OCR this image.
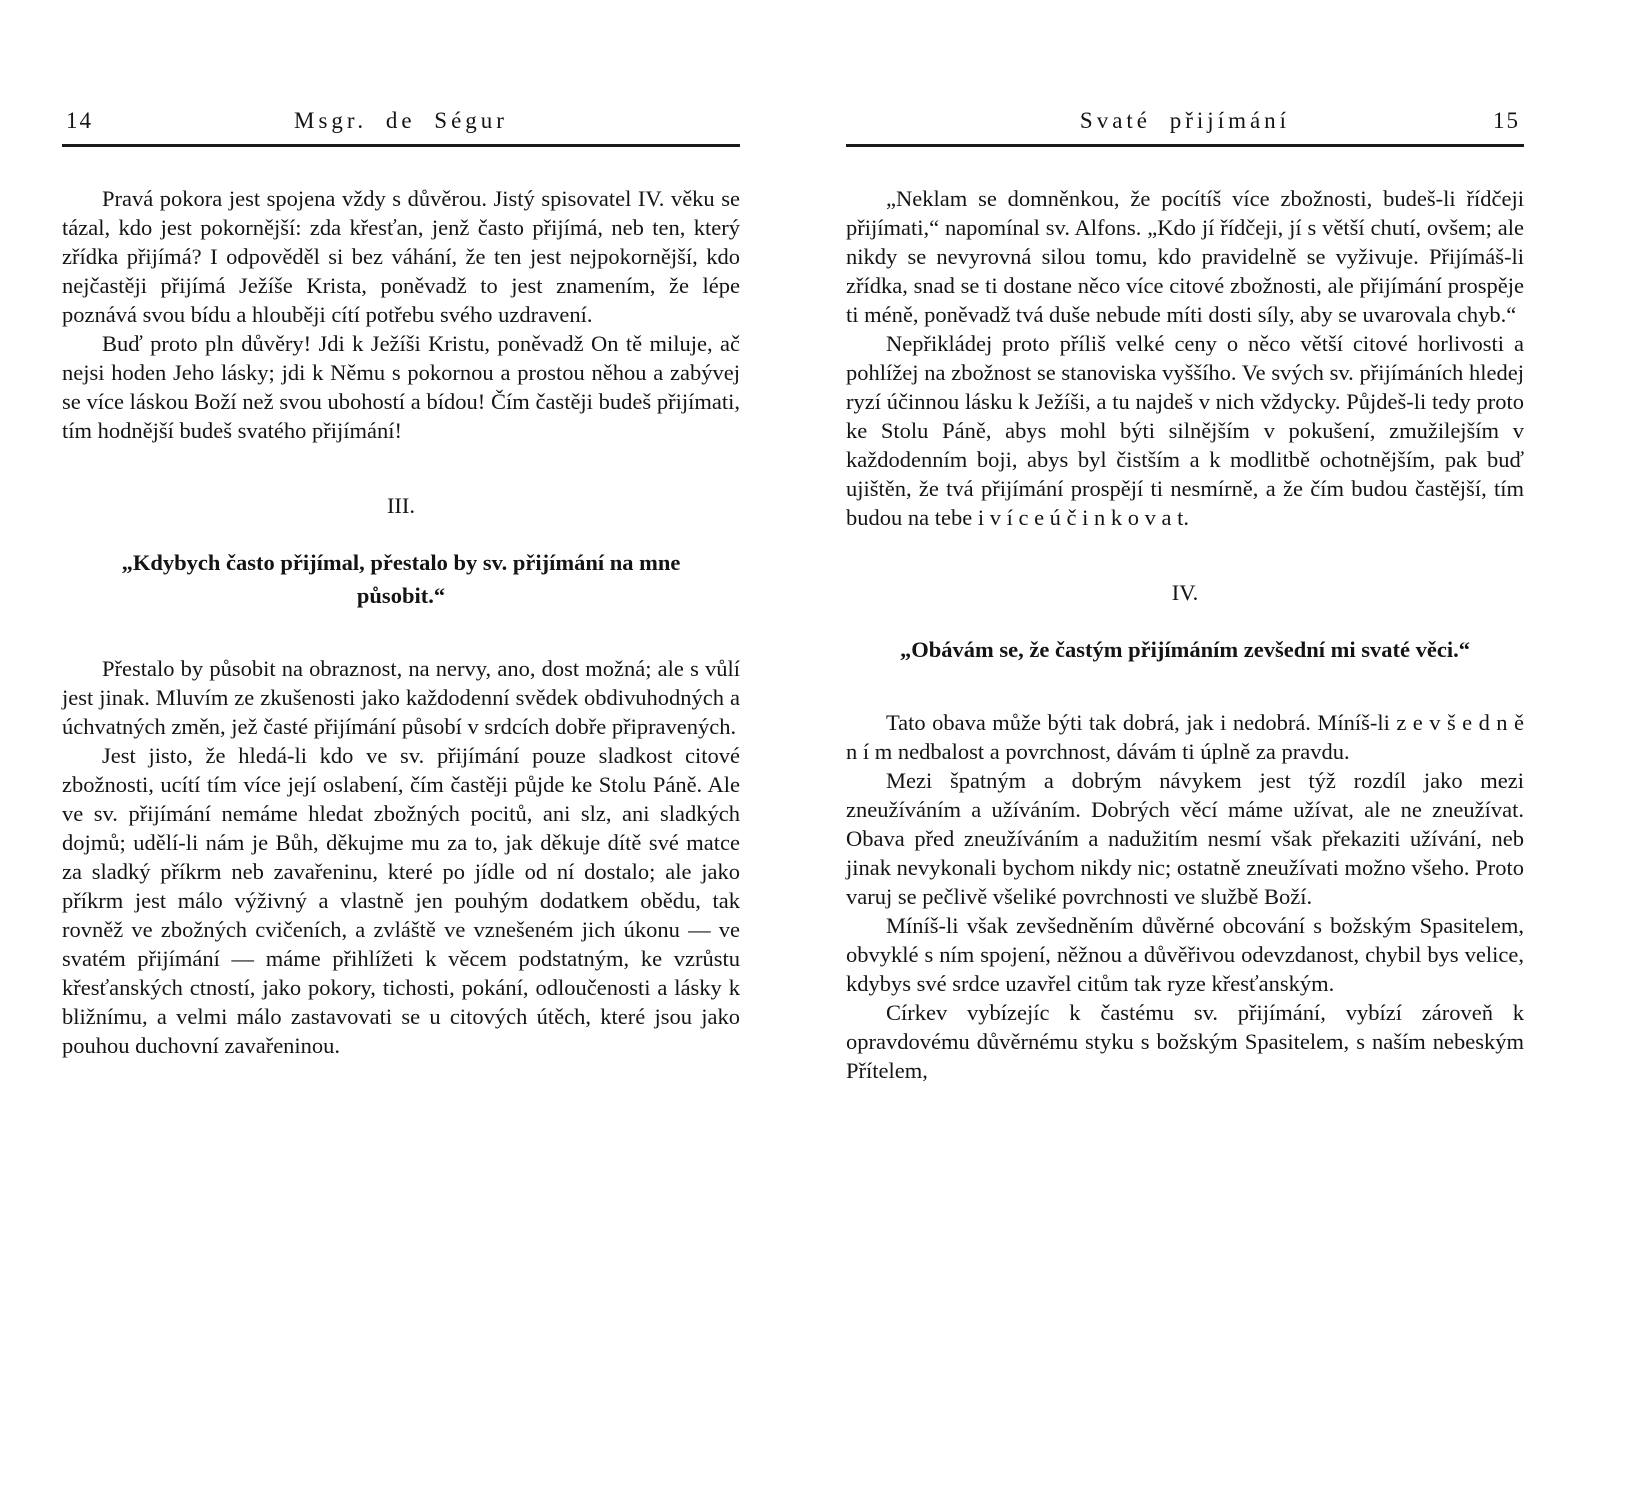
14	Msgr. de Ségur

Pravá pokora jest spojena vždy s důvěrou. Jistý spisovatel IV. věku se tázal, kdo jest pokornější: zda křesťan, jenž často přijímá, neb ten, který zřídka přijímá? I odpověděl si bez váhání, že ten jest nejpokornější, kdo nejčastěji přijímá Ježíše Krista, poněvadž to jest znamením, že lépe poznává svou bídu a hlouběji cítí potřebu svého uzdravení.

Buď proto pln důvěry! Jdi k Ježíši Kristu, poněvadž On tě miluje, ač nejsi hoden Jeho lásky; jdi k Němu s pokornou a prostou něhou a zabývej se více láskou Boží než svou ubohostí a bídou! Čím častěji budeš přijímati, tím hodnější budeš svatého přijímání!

III.
„Kdybych často přijímal, přestalo by sv. přijímání na mne působit.“

Přestalo by působit na obraznost, na nervy, ano, dost možná; ale s vůlí jest jinak. Mluvím ze zkušenosti jako každodenní svědek obdivuhodných a úchvatných změn, jež časté přijímání působí v srdcích dobře připravených.

Jest jisto, že hledá-li kdo ve sv. přijímání pouze sladkost citové zbožnosti, ucítí tím více její oslabení, čím častěji půjde ke Stolu Páně. Ale ve sv. přijímání nemáme hledat zbožných pocitů, ani slz, ani sladkých dojmů; udělí-li nám je Bůh, děkujme mu za to, jak děkuje dítě své matce za sladký příkrm neb zavařeninu, které po jídle od ní dostalo; ale jako příkrm jest málo výživný a vlastně jen pouhým dodatkem obědu, tak rovněž ve zbožných cvičeních, a zvláště ve vznešeném jich úkonu — ve svatém přijímání — máme přihlížeti k věcem podstatným, ke vzrůstu křesťanských ctností, jako pokory, tichosti, pokání, odloučenosti a lásky k bližnímu, a velmi málo zastavovati se u citových útěch, které jsou jako pouhou duchovní zavařeninou.

Svaté přijímání	15

„Neklam se domněnkou, že pocítíš více zbožnosti, budeš-li řídčeji přijímati,“ napomínal sv. Alfons. „Kdo jí řídčeji, jí s větší chutí, ovšem; ale nikdy se nevyrovná silou tomu, kdo pravidelně se vyživuje. Přijímáš-li zřídka, snad se ti dostane něco více citové zbožnosti, ale přijímání prospěje ti méně, poněvadž tvá duše nebude míti dosti síly, aby se uvarovala chyb.“

Nepřikládej proto příliš velké ceny o něco větší citové horlivosti a pohlížej na zbožnost se stanoviska vyššího. Ve svých sv. přijímáních hledej ryzí účinnou lásku k Ježíši, a tu najdeš v nich vždycky. Půjdeš-li tedy proto ke Stolu Páně, abys mohl býti silnějším v pokušení, zmužilejším v každodenním boji, abys byl čistším a k modlitbě ochotnějším, pak buď ujištěn, že tvá přijímání prospějí ti nesmírně, a že čím budou častější, tím budou na tebe i v í c e ú č i n k o v a t.

IV.
„Obávám se, že častým přijímáním zevšední mi svaté věci.“

Tato obava může býti tak dobrá, jak i nedobrá. Míníš-li z e v š e d n ě n í m nedbalost a povrchnost, dávám ti úplně za pravdu.

Mezi špatným a dobrým návykem jest týž rozdíl jako mezi zneužíváním a užíváním. Dobrých věcí máme užívat, ale ne zneužívat. Obava před zneužíváním a nadužitím nesmí však překaziti užívání, neb jinak nevykonali bychom nikdy nic; ostatně zneužívati možno všeho. Proto varuj se pečlivě všeliké povrchnosti ve službě Boží.

Míníš-li však zevšedněním důvěrné obcování s božským Spasitelem, obvyklé s ním spojení, něžnou a důvěřivou odevzdanost, chybil bys velice, kdybys své srdce uzavřel citům tak ryze křesťanským.

Církev vybízejíc k častému sv. přijímání, vybízí zároveň k opravdovému důvěrnému styku s božským Spasitelem, s naším nebeským Přítelem,
